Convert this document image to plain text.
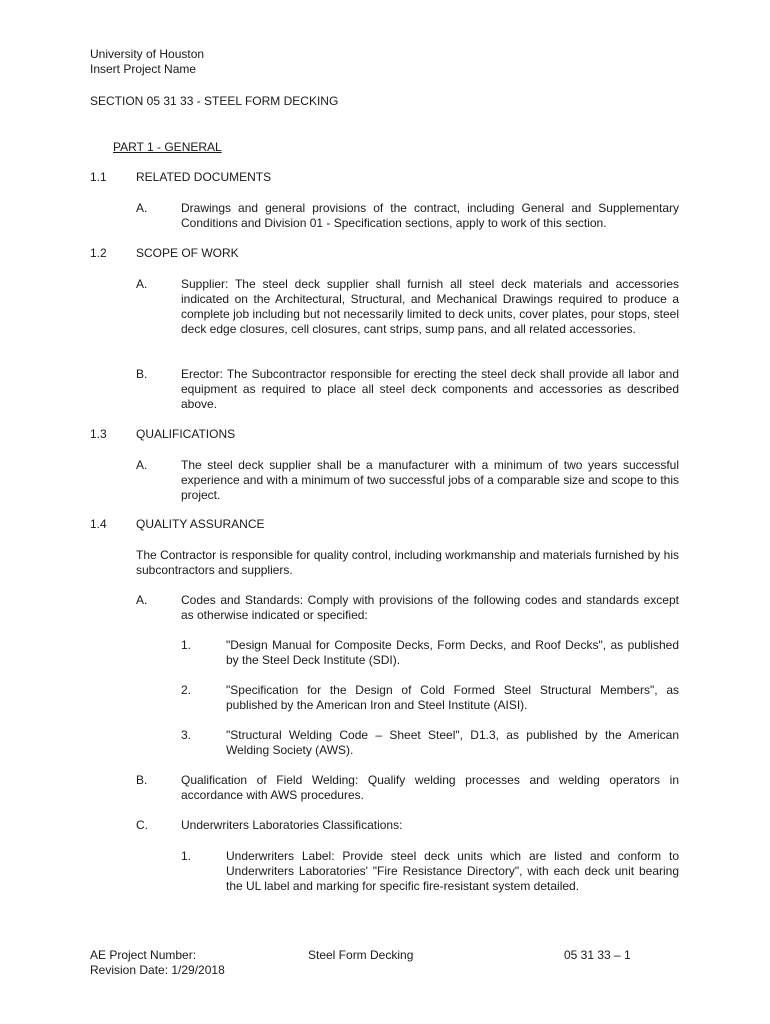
University of Houston
Insert Project Name
SECTION 05 31 33 - STEEL FORM DECKING
PART 1 - GENERAL
1.1 RELATED DOCUMENTS
A.	Drawings and general provisions of the contract, including General and Supplementary Conditions and Division 01 - Specification sections, apply to work of this section.
1.2 SCOPE OF WORK
A.	Supplier: The steel deck supplier shall furnish all steel deck materials and accessories indicated on the Architectural, Structural, and Mechanical Drawings required to produce a complete job including but not necessarily limited to deck units, cover plates, pour stops, steel deck edge closures, cell closures, cant strips, sump pans, and all related accessories.
B.	Erector: The Subcontractor responsible for erecting the steel deck shall provide all labor and equipment as required to place all steel deck components and accessories as described above.
1.3 QUALIFICATIONS
A.	The steel deck supplier shall be a manufacturer with a minimum of two years successful experience and with a minimum of two successful jobs of a comparable size and scope to this project.
1.4 QUALITY ASSURANCE
The Contractor is responsible for quality control, including workmanship and materials furnished by his subcontractors and suppliers.
A.	Codes and Standards: Comply with provisions of the following codes and standards except as otherwise indicated or specified:
1.	"Design Manual for Composite Decks, Form Decks, and Roof Decks", as published by the Steel Deck Institute (SDI).
2.	"Specification for the Design of Cold Formed Steel Structural Members", as published by the American Iron and Steel Institute (AISI).
3.	"Structural Welding Code – Sheet Steel", D1.3, as published by the American Welding Society (AWS).
B.	Qualification of Field Welding: Qualify welding processes and welding operators in accordance with AWS procedures.
C.	Underwriters Laboratories Classifications:
1.	Underwriters Label: Provide steel deck units which are listed and conform to Underwriters Laboratories' "Fire Resistance Directory", with each deck unit bearing the UL label and marking for specific fire-resistant system detailed.
AE Project Number:
Revision Date: 1/29/2018
Steel Form Decking	05 31 33 – 1
